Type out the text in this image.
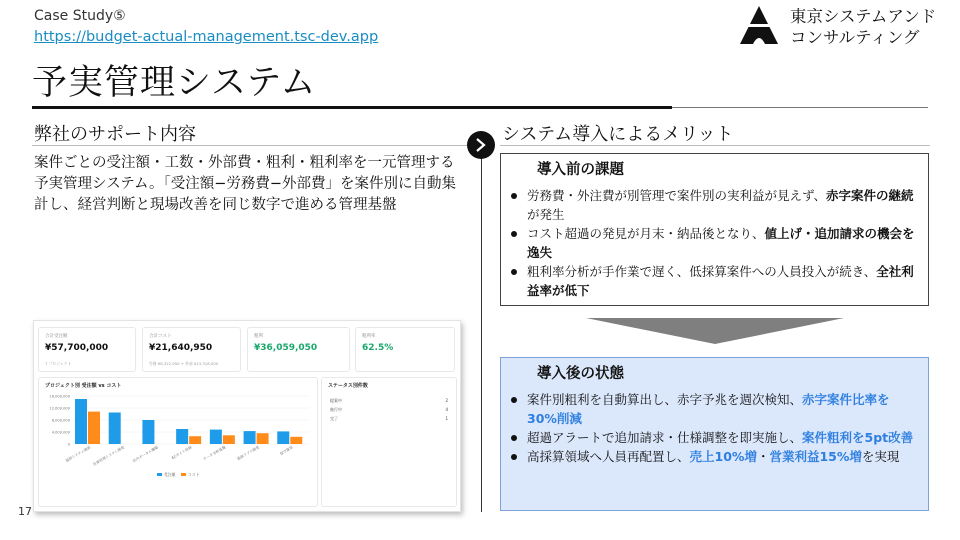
Case Study⑤
https://budget-actual-management.tsc-dev.app
予実管理システム
東京システムアンド
コンサルティング
弊社のサポート内容
案件ごとの受注額・工数・外部費・粗利・粗利率を一元管理する予実管理システム。「受注額−労務費−外部費」を案件別に自動集計し、経営判断と現場改善を同じ数字で進める管理基盤
合計受注額
¥57,700,000
7 プロジェクト
合計コスト
¥21,640,950
労務 ¥8,322,950 + 外部 ¥13,318,000
粗利
¥36,059,050
粗利率
62.5%
プロジェクト別 受注額 vs コスト
0
4,000,000
8,000,000
12,000,000
16,000,000
基幹システム刷新 在庫管理システム開発 社内ポータル構築	ECサイト改修	データ分析基盤	業務アプリ開発	保守運用
受注額	コスト
ステータス別件数
提案中	2
進行中	4
完了	1
システム導入によるメリット
導入前の課題
労務費・外注費が別管理で案件別の実利益が見えず、赤字案件の継続が発生
コスト超過の発見が月末・納品後となり、値上げ・追加請求の機会を逸失
粗利率分析が手作業で遅く、低採算案件への人員投入が続き、全社利益率が低下
導入後の状態
案件別粗利を自動算出し、赤字予兆を週次検知、赤字案件比率を30%削減
超過アラートで追加請求・仕様調整を即実施し、案件粗利を5pt改善
高採算領域へ人員再配置し、売上10%増・営業利益15%増を実現
17
